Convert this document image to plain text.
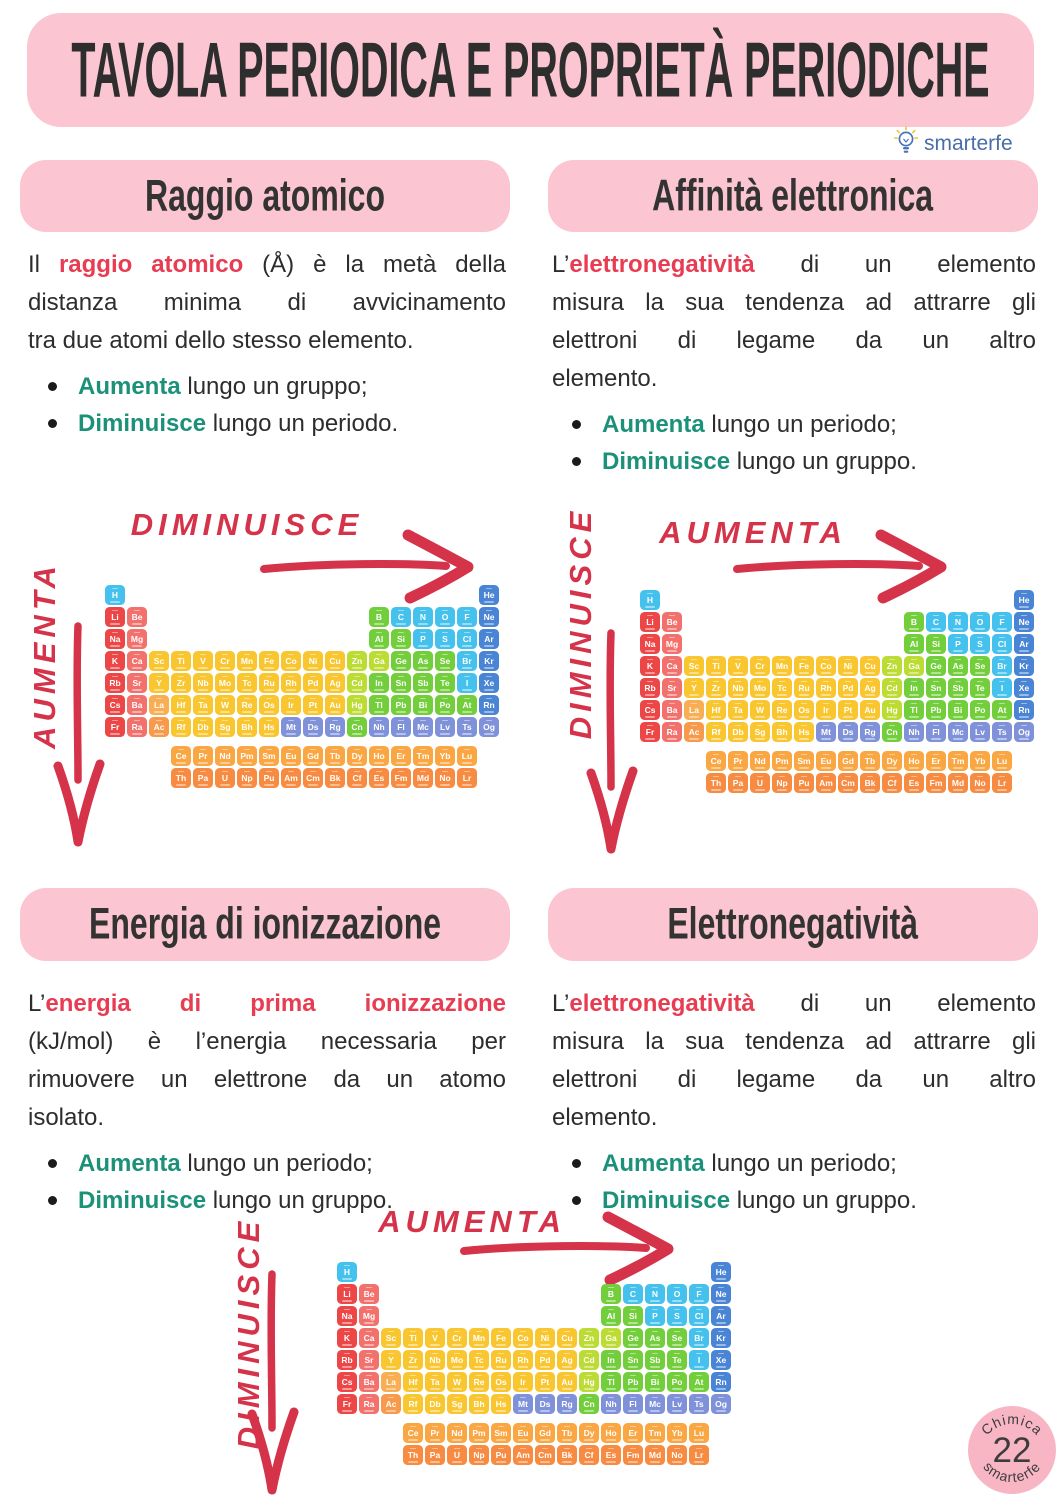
TAVOLA PERIODICA E PROPRIETÀ PERIODICHE
smarterfe
Raggio atomico	Affinità elettronica
Energia di ionizzazione	Elettronegatività
Il raggio atomico (Å) è la metà della
distanza minima di avvicinamento
tra due atomi dello stesso elemento.
Aumenta lungo un gruppo;
Diminuisce lungo un periodo.
L’elettronegatività di un elemento
misura la sua tendenza ad attrarre gli
elettroni di legame da un altro
elemento.
Aumenta lungo un periodo;
Diminuisce lungo un gruppo.
L’energia di prima ionizzazione
(kJ/mol) è l’energia necessaria per
rimuovere un elettrone da un atomo
isolato.
Aumenta lungo un periodo;
Diminuisce lungo un gruppo.
L’elettronegatività di un elemento
misura la sua tendenza ad attrarre gli
elettroni di legame da un altro
elemento.
Aumenta lungo un periodo;
Diminuisce lungo un gruppo.
DIMINUISCE
AUMENTA	H	He
Li Be	B C N O F Ne
Na Mg	Al Si P S Cl Ar
K Ca Sc Ti V Cr Mn Fe Co Ni Cu Zn Ga Ge As Se Br Kr
Rb Sr Y Zr Nb Mo Tc Ru Rh Pd Ag Cd In Sn Sb Te I Xe
Cs Ba La Hf Ta W Re Os Ir Pt Au Hg Tl Pb Bi Po At Rn
Fr Ra Ac Rf Db Sg Bh Hs Mt Ds Rg Cn Nh Fl Mc Lv Ts Og
Ce Pr Nd Pm Sm Eu Gd Tb Dy Ho Er Tm Yb Lu
Th Pa U Np Pu Am Cm Bk Cf Es Fm Md No Lr
DIMINUISCE AUMENTA
H	He
Li Be	B C N O F Ne
Na Mg	Al Si P S Cl Ar
K Ca Sc Ti V Cr Mn Fe Co Ni Cu Zn Ga Ge As Se Br Kr
Rb Sr Y Zr Nb Mo Tc Ru Rh Pd Ag Cd In Sn Sb Te I Xe
Cs Ba La Hf Ta W Re Os Ir Pt Au Hg Tl Pb Bi Po At Rn
Fr Ra Ac Rf Db Sg Bh Hs Mt Ds Rg Cn Nh Fl Mc Lv Ts Og
Ce Pr Nd Pm Sm Eu Gd Tb Dy Ho Er Tm Yb Lu
Th Pa U Np Pu Am Cm Bk Cf Es Fm Md No Lr
DIMINUISCE	AUMENTA
H	He
Li Be	B C N O F Ne
Na Mg	Al Si P S Cl Ar
K Ca Sc Ti V Cr Mn Fe Co Ni Cu Zn Ga Ge As Se Br Kr
Rb Sr Y Zr Nb Mo Tc Ru Rh Pd Ag Cd In Sn Sb Te I Xe
Cs Ba La Hf Ta W Re Os Ir Pt Au Hg Tl Pb Bi Po At Rn
Fr Ra Ac Rf Db Sg Bh Hs Mt Ds Rg Cn Nh Fl Mc Lv Ts Og
Ce Pr Nd Pm Sm Eu Gd Tb Dy Ho Er Tm Yb Lu
Th Pa U Np Pu Am Cm Bk Cf Es Fm Md No Lr
Chimica
22
smarterfe
